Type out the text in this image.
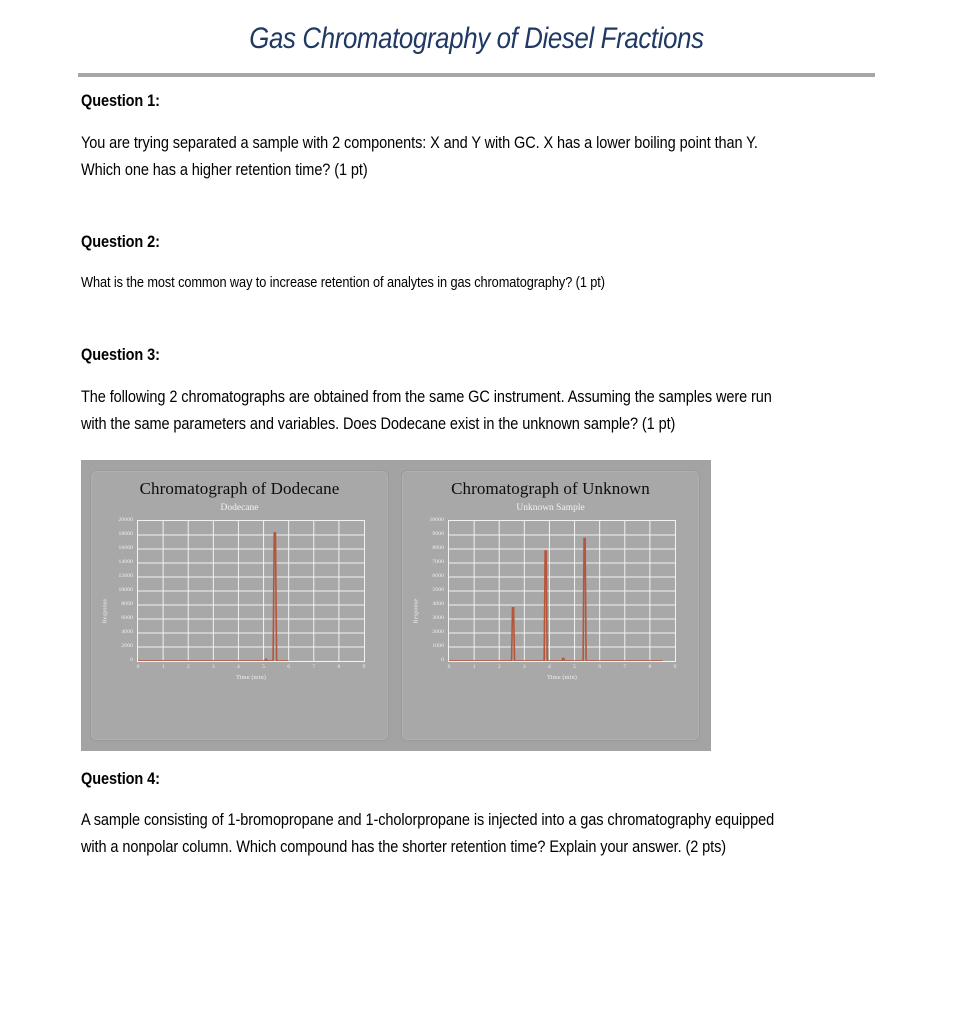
Gas Chromatography of Diesel Fractions

Question 1:

You are trying separated a sample with 2 components: X and Y with GC. X has a lower boiling point than Y. Which one has a higher retention time? (1 pt)

Question 2:

What is the most common way to increase retention of analytes in gas chromatography? (1 pt)

Question 3:

The following 2 chromatographs are obtained from the same GC instrument. Assuming the samples were run with the same parameters and variables. Does Dodecane exist in the unknown sample? (1 pt)

Chromatograph of Dodecane
Dodecane
Response
0
2000
4000
6000
8000
10000
12000
14000
16000
18000
20000
0	1	2	3	4	5	6	7	8	9
Time (min)
Chromatograph of Unknown
Unknown Sample
Response
0
1000
2000
3000
4000
5000
6000
7000
8000
9000
10000
0	1	2	3	4	5	6	7	8	9
Time (min)

Question 4:

A sample consisting of 1-bromopropane and 1-cholorpropane is injected into a gas chromatography equipped with a nonpolar column. Which compound has the shorter retention time? Explain your answer. (2 pts)
